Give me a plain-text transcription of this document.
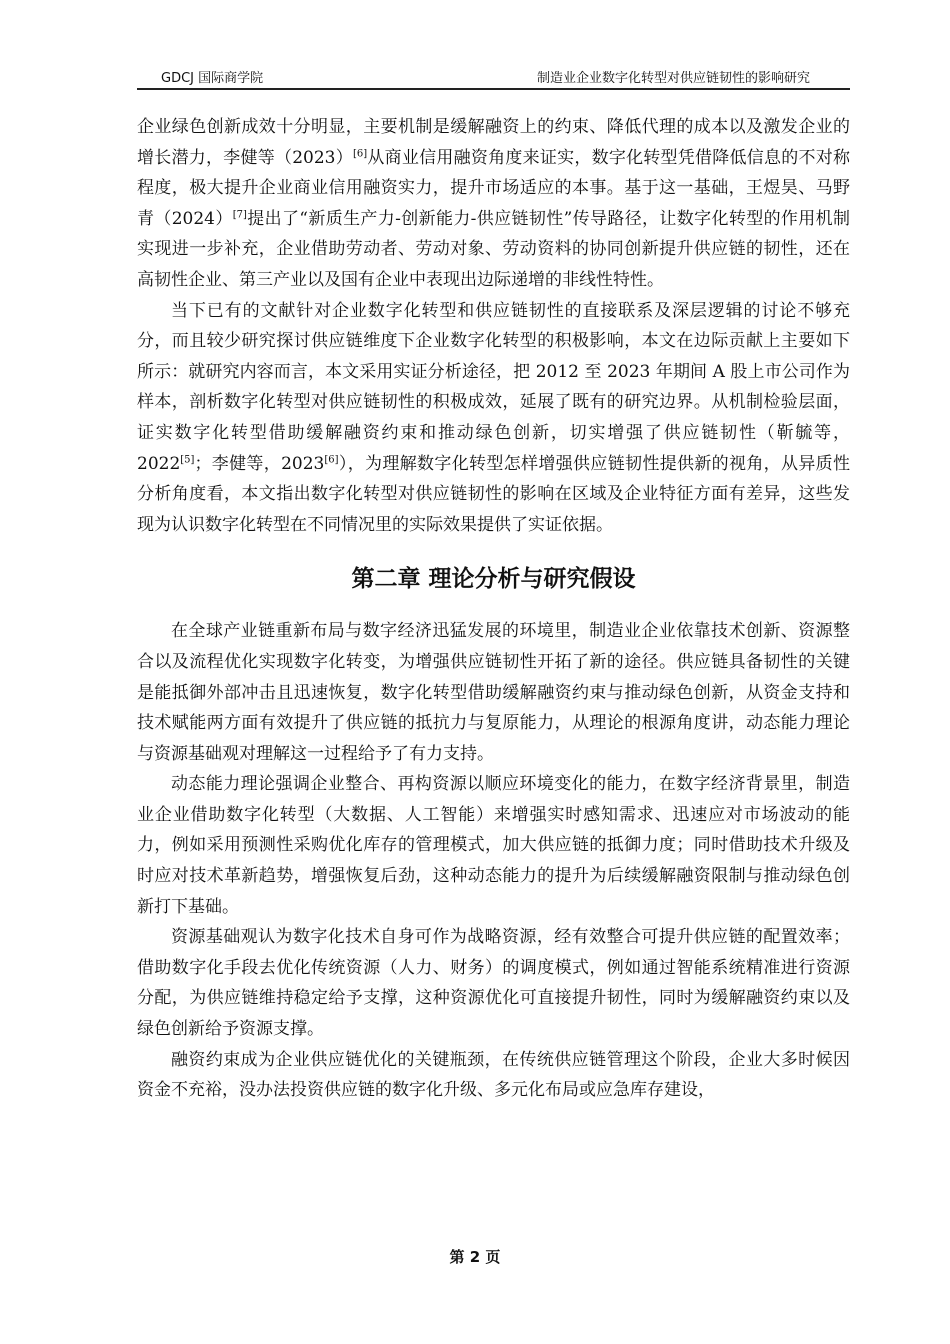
GDCJ 国际商学院	制造业企业数字化转型对供应链韧性的影响研究

企业绿色创新成效十分明显，主要机制是缓解融资上的约束、降低代理的成本以及激发企业的增长潜力，李健等（2023）[6]从商业信用融资角度来证实，数字化转型凭借降低信息的不对称程度，极大提升企业商业信用融资实力，提升市场适应的本事。基于这一基础，王煜昊、马野青（2024）[7]提出了“新质生产力-创新能力-供应链韧性”传导路径，让数字化转型的作用机制实现进一步补充，企业借助劳动者、劳动对象、劳动资料的协同创新提升供应链的韧性，还在高韧性企业、第三产业以及国有企业中表现出边际递增的非线性特性。

当下已有的文献针对企业数字化转型和供应链韧性的直接联系及深层逻辑的讨论不够充分，而且较少研究探讨供应链维度下企业数字化转型的积极影响，本文在边际贡献上主要如下所示：就研究内容而言，本文采用实证分析途径，把 2012 至 2023 年期间 A 股上市公司作为样本，剖析数字化转型对供应链韧性的积极成效，延展了既有的研究边界。从机制检验层面，证实数字化转型借助缓解融资约束和推动绿色创新，切实增强了供应链韧性（靳毓等，2022[5]；李健等，2023[6]），为理解数字化转型怎样增强供应链韧性提供新的视角，从异质性分析角度看，本文指出数字化转型对供应链韧性的影响在区域及企业特征方面有差异，这些发现为认识数字化转型在不同情况里的实际效果提供了实证依据。

第二章 理论分析与研究假设

在全球产业链重新布局与数字经济迅猛发展的环境里，制造业企业依靠技术创新、资源整合以及流程优化实现数字化转变，为增强供应链韧性开拓了新的途径。供应链具备韧性的关键是能抵御外部冲击且迅速恢复，数字化转型借助缓解融资约束与推动绿色创新，从资金支持和技术赋能两方面有效提升了供应链的抵抗力与复原能力，从理论的根源角度讲，动态能力理论与资源基础观对理解这一过程给予了有力支持。

动态能力理论强调企业整合、再构资源以顺应环境变化的能力，在数字经济背景里，制造业企业借助数字化转型（大数据、人工智能）来增强实时感知需求、迅速应对市场波动的能力，例如采用预测性采购优化库存的管理模式，加大供应链的抵御力度；同时借助技术升级及时应对技术革新趋势，增强恢复后劲，这种动态能力的提升为后续缓解融资限制与推动绿色创新打下基础。

资源基础观认为数字化技术自身可作为战略资源，经有效整合可提升供应链的配置效率；借助数字化手段去优化传统资源（人力、财务）的调度模式，例如通过智能系统精准进行资源分配，为供应链维持稳定给予支撑，这种资源优化可直接提升韧性，同时为缓解融资约束以及绿色创新给予资源支撑。

融资约束成为企业供应链优化的关键瓶颈，在传统供应链管理这个阶段，企业大多时候因资金不充裕，没办法投资供应链的数字化升级、多元化布局或应急库存建设，

第 2 页
